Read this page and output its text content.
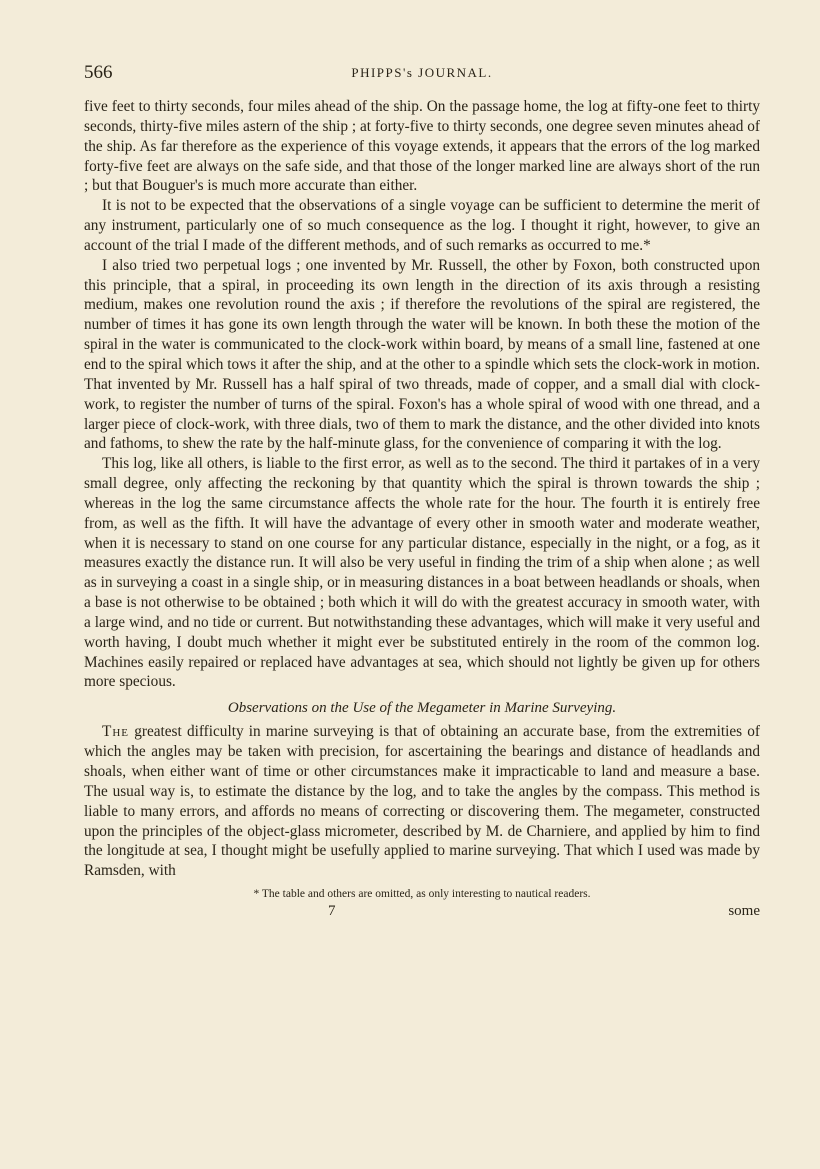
566	PHIPPS's JOURNAL.

five feet to thirty seconds, four miles ahead of the ship. On the passage home, the log at fifty-one feet to thirty seconds, thirty-five miles astern of the ship ; at forty-five to thirty seconds, one degree seven minutes ahead of the ship. As far therefore as the experience of this voyage extends, it appears that the errors of the log marked forty-five feet are always on the safe side, and that those of the longer marked line are always short of the run ; but that Bouguer's is much more accurate than either.

It is not to be expected that the observations of a single voyage can be sufficient to determine the merit of any instrument, particularly one of so much consequence as the log. I thought it right, however, to give an account of the trial I made of the different methods, and of such remarks as occurred to me.*

I also tried two perpetual logs ; one invented by Mr. Russell, the other by Foxon, both constructed upon this principle, that a spiral, in proceeding its own length in the direction of its axis through a resisting medium, makes one revolution round the axis ; if therefore the revolutions of the spiral are registered, the number of times it has gone its own length through the water will be known. In both these the motion of the spiral in the water is communicated to the clock-work within board, by means of a small line, fastened at one end to the spiral which tows it after the ship, and at the other to a spindle which sets the clock-work in motion. That invented by Mr. Russell has a half spiral of two threads, made of copper, and a small dial with clock-work, to register the number of turns of the spiral. Foxon's has a whole spiral of wood with one thread, and a larger piece of clock-work, with three dials, two of them to mark the distance, and the other divided into knots and fathoms, to shew the rate by the half-minute glass, for the convenience of comparing it with the log.

This log, like all others, is liable to the first error, as well as to the second. The third it partakes of in a very small degree, only affecting the reckoning by that quantity which the spiral is thrown towards the ship ; whereas in the log the same circumstance affects the whole rate for the hour. The fourth it is entirely free from, as well as the fifth. It will have the advantage of every other in smooth water and moderate weather, when it is necessary to stand on one course for any particular distance, especially in the night, or a fog, as it measures exactly the distance run. It will also be very useful in finding the trim of a ship when alone ; as well as in surveying a coast in a single ship, or in measuring distances in a boat between headlands or shoals, when a base is not otherwise to be obtained ; both which it will do with the greatest accuracy in smooth water, with a large wind, and no tide or current. But notwithstanding these advantages, which will make it very useful and worth having, I doubt much whether it might ever be substituted entirely in the room of the common log. Machines easily repaired or replaced have advantages at sea, which should not lightly be given up for others more specious.

Observations on the Use of the Megameter in Marine Surveying.

The greatest difficulty in marine surveying is that of obtaining an accurate base, from the extremities of which the angles may be taken with precision, for ascertaining the bearings and distance of headlands and shoals, when either want of time or other circumstances make it impracticable to land and measure a base. The usual way is, to estimate the distance by the log, and to take the angles by the compass. This method is liable to many errors, and affords no means of correcting or discovering them. The megameter, constructed upon the principles of the object-glass micrometer, described by M. de Charniere, and applied by him to find the longitude at sea, I thought might be usefully applied to marine surveying. That which I used was made by Ramsden, with

* The table and others are omitted, as only interesting to nautical readers.
7	some
